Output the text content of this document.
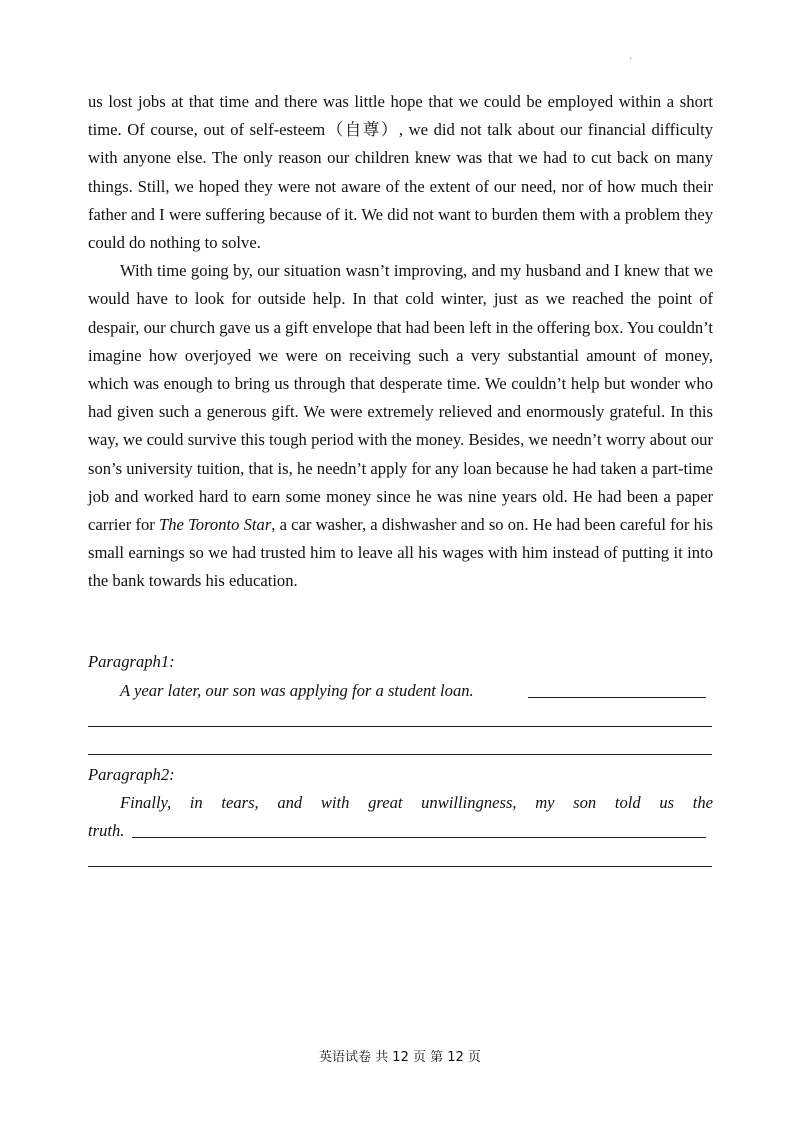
'

us lost jobs at that time and there was little hope that we could be employed within a short time. Of course, out of self-esteem（自尊）, we did not talk about our financial difficulty with anyone else. The only reason our children knew was that we had to cut back on many things. Still, we hoped they were not aware of the extent of our need, nor of how much their father and I were suffering because of it. We did not want to burden them with a problem they could do nothing to solve.

With time going by, our situation wasn’t improving, and my husband and I knew that we would have to look for outside help. In that cold winter, just as we reached the point of despair, our church gave us a gift envelope that had been left in the offering box. You couldn’t imagine how overjoyed we were on receiving such a very substantial amount of money, which was enough to bring us through that desperate time. We couldn’t help but wonder who had given such a generous gift. We were extremely relieved and enormously grateful. In this way, we could survive this tough period with the money. Besides, we needn’t worry about our son’s university tuition, that is, he needn’t apply for any loan because he had taken a part-time job and worked hard to earn some money since he was nine years old. He had been a paper carrier for The Toronto Star, a car washer, a dishwasher and so on. He had been careful for his small earnings so we had trusted him to leave all his wages with him instead of putting it into the bank towards his education.

Paragraph1:
A year later, our son was applying for a student loan.
Paragraph2:
Finally, in tears, and with great unwillingness, my son told us the
truth.
英语试卷 共 12 页 第 12 页
